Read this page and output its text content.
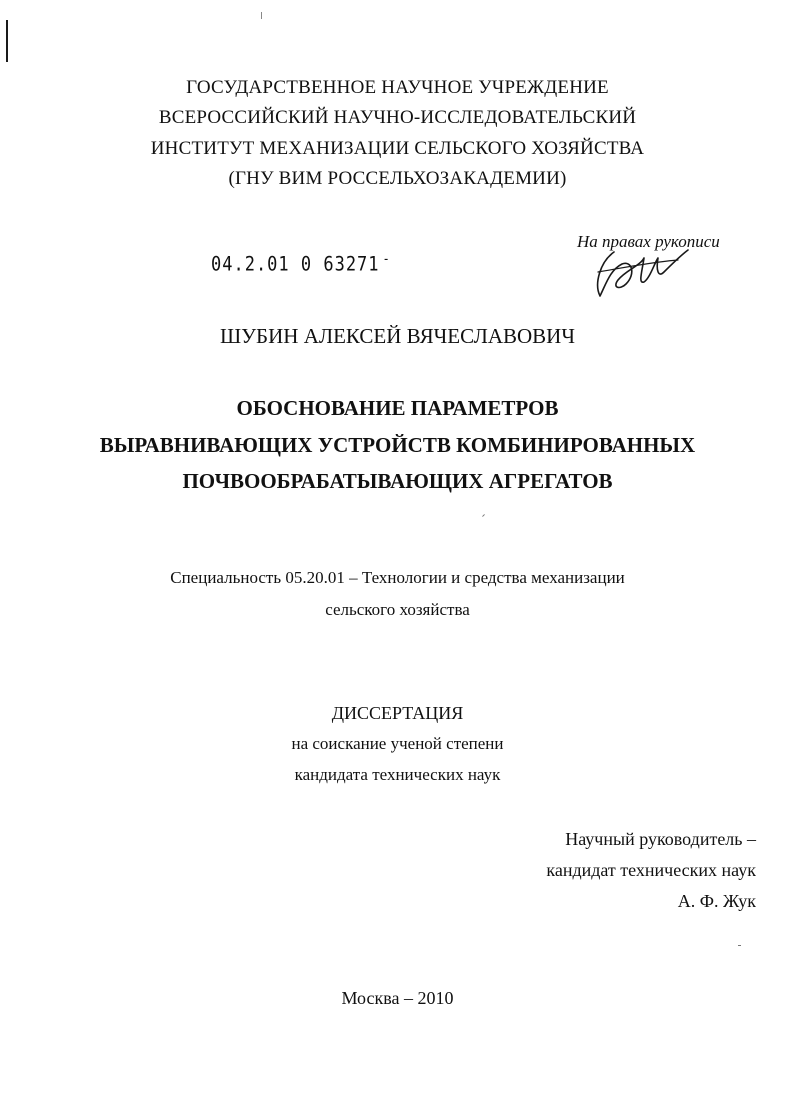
ГОСУДАРСТВЕННОЕ НАУЧНОЕ УЧРЕЖДЕНИЕ
ВСЕРОССИЙСКИЙ НАУЧНО-ИССЛЕДОВАТЕЛЬСКИЙ
ИНСТИТУТ МЕХАНИЗАЦИИ СЕЛЬСКОГО ХОЗЯЙСТВА
(ГНУ ВИМ РОССЕЛЬХОЗАКАДЕМИИ)
04.2.01 0 63271 -
На правах рукописи
ШУБИН АЛЕКСЕЙ ВЯЧЕСЛАВОВИЧ
ОБОСНОВАНИЕ ПАРАМЕТРОВ
ВЫРАВНИВАЮЩИХ УСТРОЙСТВ КОМБИНИРОВАННЫХ
ПОЧВООБРАБАТЫВАЮЩИХ АГРЕГАТОВ
Специальность 05.20.01 – Технологии и средства механизации
сельского хозяйства
ДИССЕРТАЦИЯ
на соискание ученой степени
кандидата технических наук
Научный руководитель –
кандидат технических наук
А. Ф. Жук
Москва – 2010
